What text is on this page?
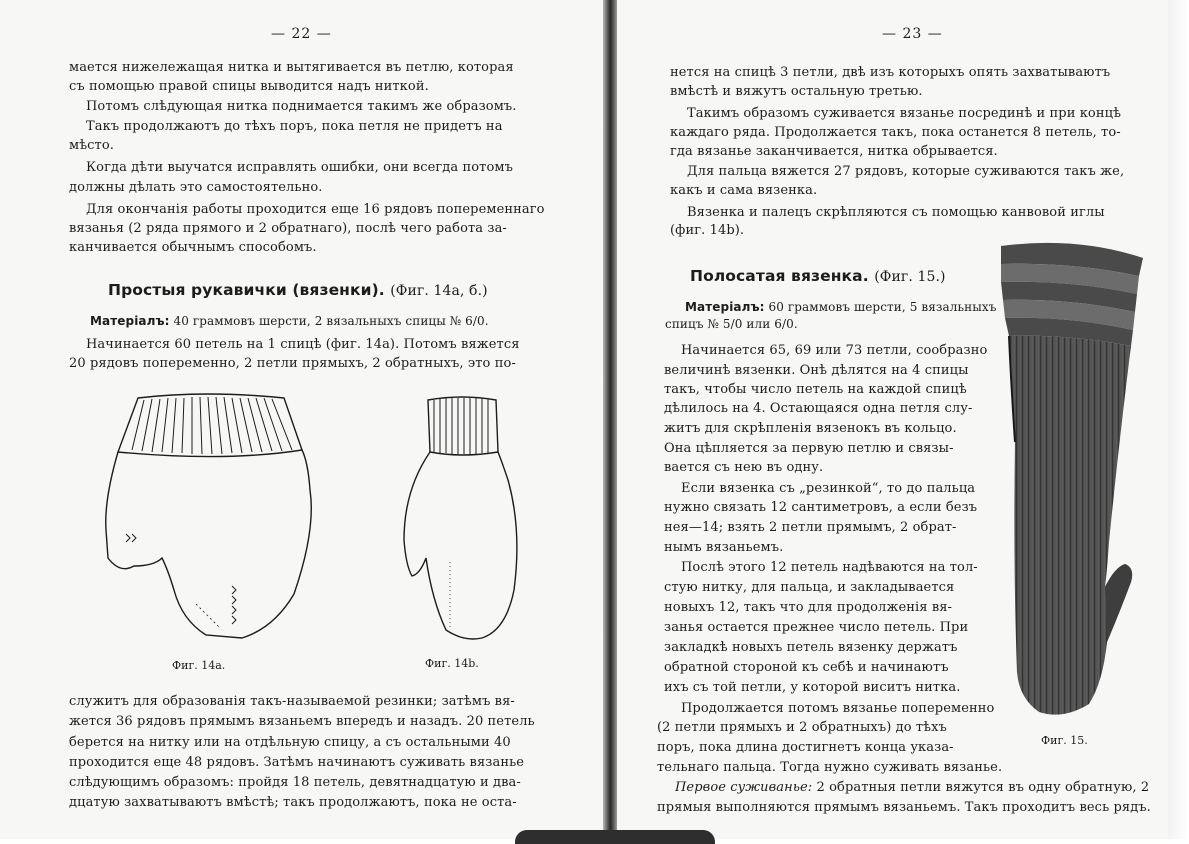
— 22 —
мается нижележащая нитка и вытягивается въ петлю, которая
съ помощью правой спицы выводится надъ ниткой.
Потомъ слѣдующая нитка поднимается такимъ же образомъ.
Такъ продолжаютъ до тѣхъ поръ, пока петля не придетъ на
мѣсто.
Когда дѣти выучатся исправлять ошибки, они всегда потомъ
должны дѣлать это самостоятельно.
Для окончанія работы проходится еще 16 рядовъ попеременнаго
вязанья (2 ряда прямого и 2 обратнаго), послѣ чего работа за-
канчивается обычнымъ способомъ.
Простыя рукавички (вязенки). (Фиг. 14а, б.)
Матеріалъ: 40 граммовъ шерсти, 2 вязальныхъ спицы № 6/0.
Начинается 60 петель на 1 спицѣ (фиг. 14а). Потомъ вяжется
20 рядовъ попеременно, 2 петли прямыхъ, 2 обратныхъ, это по-
Фиг. 14а.	Фиг. 14b.
служитъ для образованія такъ-называемой резинки; затѣмъ вя-
жется 36 рядовъ прямымъ вязаньемъ впередъ и назадъ. 20 петель
берется на нитку или на отдѣльную спицу, а съ остальными 40
проходится еще 48 рядовъ. Затѣмъ начинаютъ суживать вязанье
слѣдующимъ образомъ: пройдя 18 петель, девятнадцатую и два-
дцатую захватываютъ вмѣстѣ; такъ продолжаютъ, пока не оста-
— 23 —
нется на спицѣ 3 петли, двѣ изъ которыхъ опять захватываютъ
вмѣстѣ и вяжутъ остальную третью.
Такимъ образомъ суживается вязанье посрединѣ и при концѣ
каждаго ряда. Продолжается такъ, пока останется 8 петель, то-
гда вязанье заканчивается, нитка обрывается.
Для пальца вяжется 27 рядовъ, которые суживаются такъ же,
какъ и сама вязенка.
Вязенка и палецъ скрѣпляются съ помощью канвовой иглы
(фиг. 14b).
Полосатая вязенка. (Фиг. 15.)
Матеріалъ: 60 граммовъ шерсти, 5 вязальныхъ
спицъ № 5/0 или 6/0.
Начинается 65, 69 или 73 петли, сообразно
величинѣ вязенки. Онѣ дѣлятся на 4 спицы
такъ, чтобы число петель на каждой спицѣ
дѣлилось на 4. Остающаяся одна петля слу-
житъ для скрѣпленія вязенокъ въ кольцо.
Она цѣпляется за первую петлю и связы-
вается съ нею въ одну.
Если вязенка съ „резинкой“, то до пальца
нужно связать 12 сантиметровъ, а если безъ
нея—14; взять 2 петли прямымъ, 2 обрат-
нымъ вязаньемъ.
Послѣ этого 12 петель надѣваются на тол-
стую нитку, для пальца, и закладывается
новыхъ 12, такъ что для продолженія вя-
занья остается прежнее число петель. При
закладкѣ новыхъ петель вязенку держатъ
обратной стороной къ себѣ и начинаютъ
ихъ съ той петли, у которой виситъ нитка.
Продолжается потомъ вязанье попеременно
(2 петли прямыхъ и 2 обратныхъ) до тѣхъ
поръ, пока длина достигнетъ конца указа-
тельнаго пальца. Тогда нужно суживать вязанье.
Фиг. 15.
Первое суживанье: 2 обратныя петли вяжутся въ одну обратную, 2
прямыя выполняются прямымъ вязаньемъ. Такъ проходитъ весь рядъ.
